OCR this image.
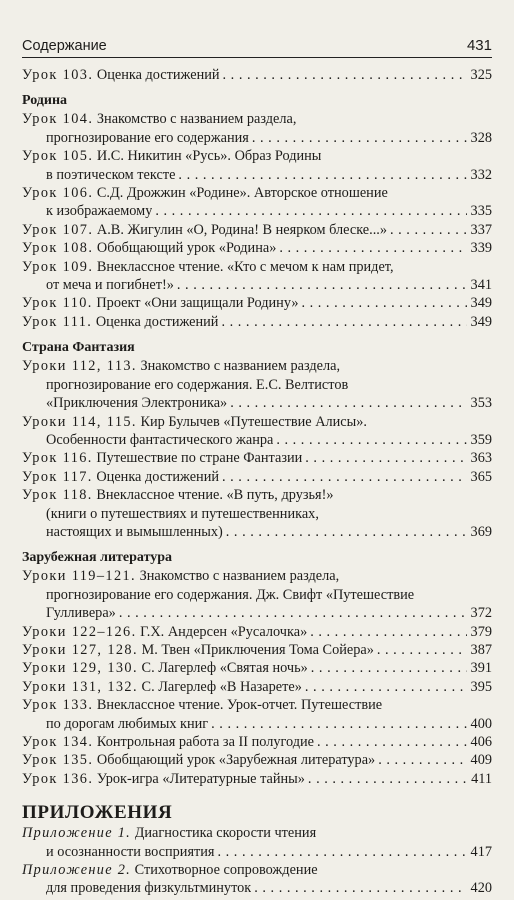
Содержание	431
Урок 103.
Оценка достижений . . .	325
Родина
Урок 104.
Знакомство с названием раздела,
прогнозирование его содержания . . .	328
Урок 105.
И.С. Никитин «Русь». Образ Родины
в поэтическом тексте . . .	332
Урок 106.
С.Д. Дрожжин «Родине». Авторское отношение
к изображаемому . . .	335
Урок 107.
А.В. Жигулин «О, Родина! В неярком блеске...» . . .	337
Урок 108.
Обобщающий урок «Родина» . . .	339
Урок 109.
Внеклассное чтение. «Кто с мечом к нам придет,
от меча и погибнет!» . . .	341
Урок 110.
Проект «Они защищали Родину» . . .	349
Урок 111.
Оценка достижений . . .	349
Страна Фантазия
Уроки 112, 113.
Знакомство с названием раздела,
прогнозирование его содержания. Е.С. Велтистов
«Приключения Электроника» . . .	353
Уроки 114, 115.
Кир Булычев «Путешествие Алисы».
Особенности фантастического жанра . . .	359
Урок 116.
Путешествие по стране Фантазии . . .	363
Урок 117.
Оценка достижений . . .	365
Урок 118.
Внеклассное чтение. «В путь, друзья!»
(книги о путешествиях и путешественниках,
настоящих и вымышленных) . . .	369
Зарубежная литература
Уроки 119–121.
Знакомство с названием раздела,
прогнозирование его содержания. Дж. Свифт «Путешествие
Гулливера» . . .	372
Уроки 122–126.
Г.Х. Андерсен «Русалочка» . . .	379
Уроки 127, 128.
М. Твен «Приключения Тома Сойера» . . .	387
Уроки 129, 130.
С. Лагерлеф «Святая ночь» . . .	391
Уроки 131, 132.
С. Лагерлеф «В Назарете» . . .	395
Урок 133.
Внеклассное чтение. Урок-отчет. Путешествие
по дорогам любимых книг . . .	400
Урок 134.
Контрольная работа за II полугодие . . .	406
Урок 135.
Обобщающий урок «Зарубежная литература» . . .	409
Урок 136.
Урок-игра «Литературные тайны» . . .	411
ПРИЛОЖЕНИЯ
Приложение 1.
Диагностика скорости чтения
и осознанности восприятия . . .	417
Приложение 2.
Стихотворное сопровождение
для проведения физкультминуток . . .	420
